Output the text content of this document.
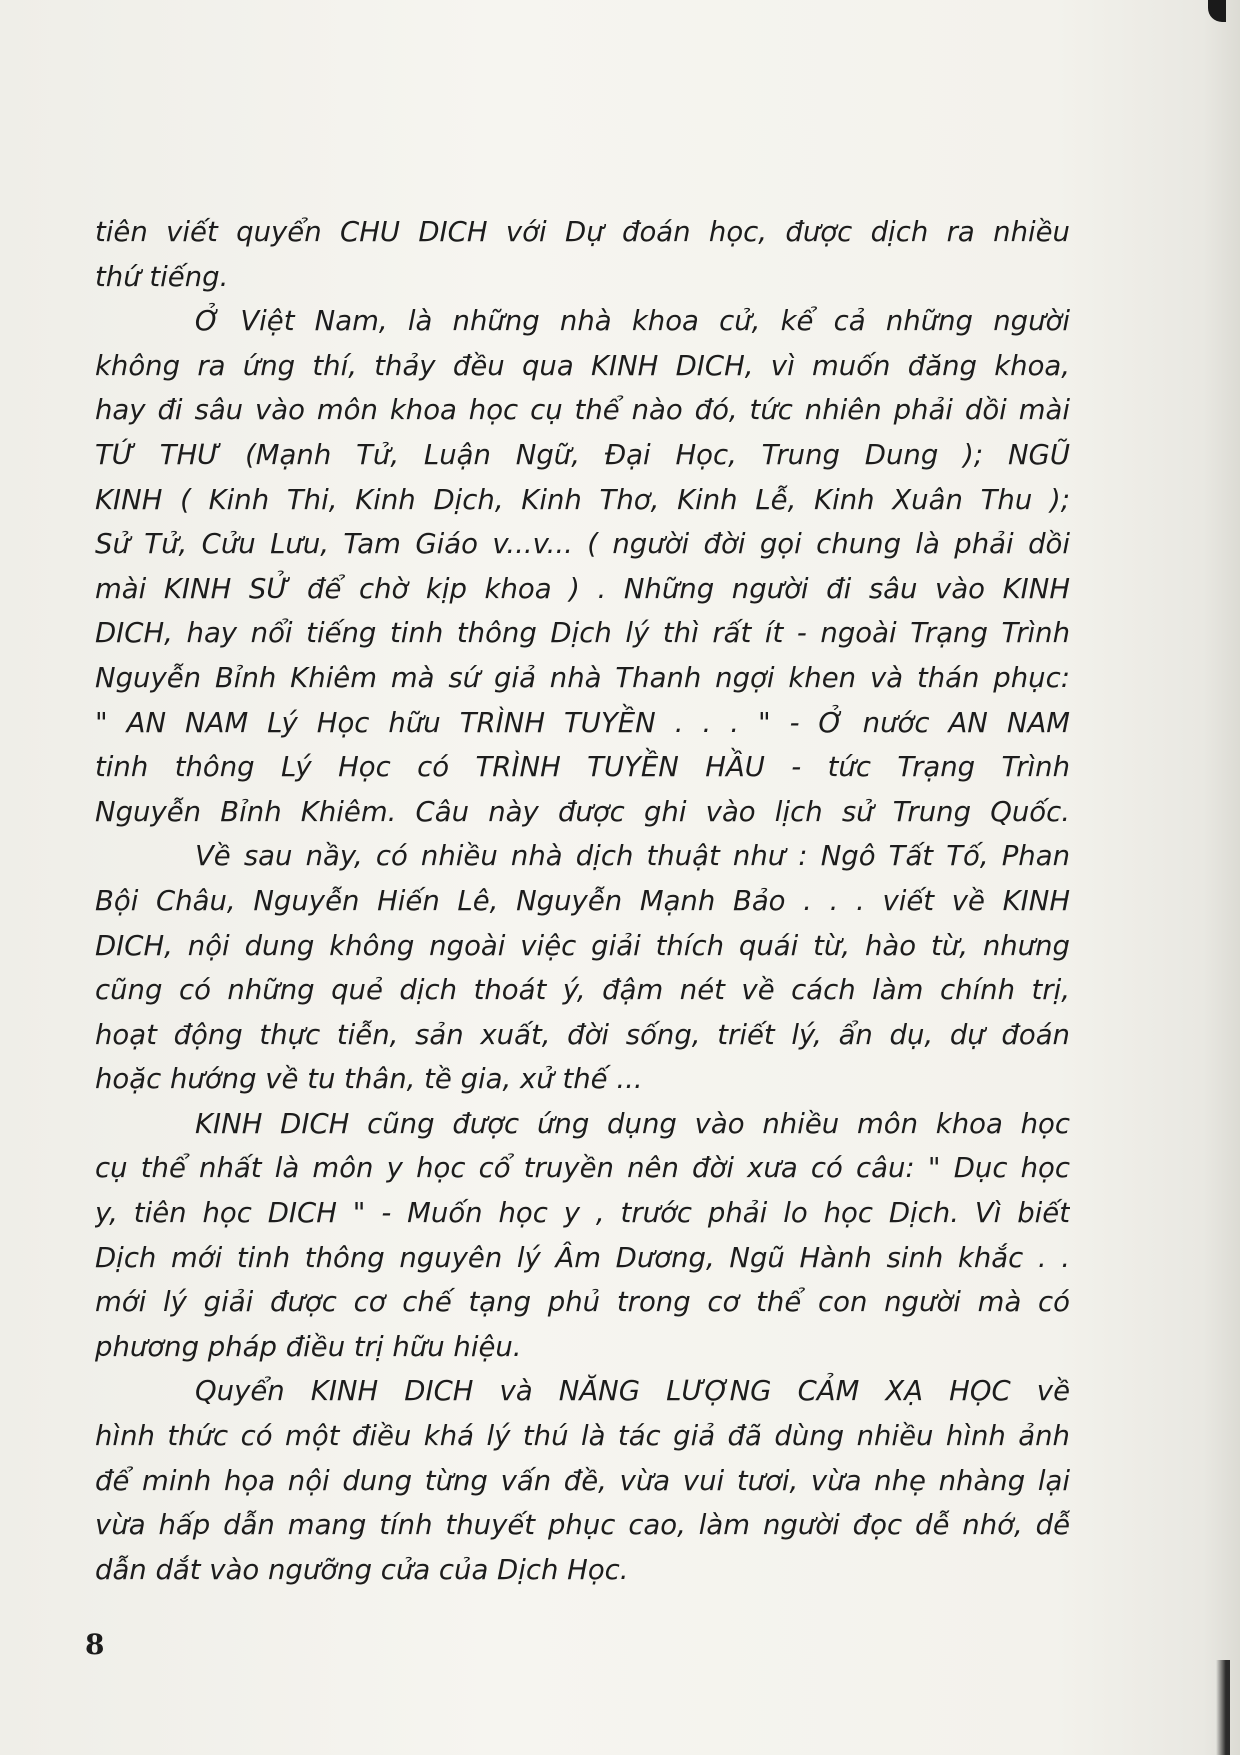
tiên viết quyển CHU DICH với Dự đoán học, được dịch ra nhiều
thứ tiếng.
Ở Việt Nam, là những nhà khoa cử, kể cả những người
không ra ứng thí, thảy đều qua KINH DICH, vì muốn đăng khoa,
hay đi sâu vào môn khoa học cụ thể nào đó, tức nhiên phải dồi mài
TỨ THƯ (Mạnh Tử, Luận Ngữ, Đại Học, Trung Dung ); NGŨ
KINH ( Kinh Thi, Kinh Dịch, Kinh Thơ, Kinh Lễ, Kinh Xuân Thu );
Sử Tử, Cửu Lưu, Tam Giáo v...v... ( người đời gọi chung là phải dồi
mài KINH SỬ để chờ kịp khoa ) . Những người đi sâu vào KINH
DICH, hay nổi tiếng tinh thông Dịch lý thì rất ít - ngoài Trạng Trình
Nguyễn Bỉnh Khiêm mà sứ giả nhà Thanh ngợi khen và thán phục:
" AN NAM Lý Học hữu TRÌNH TUYỀN . . . " - Ở nước AN NAM
tinh thông Lý Học có TRÌNH TUYỀN HẦU - tức Trạng Trình
Nguyễn Bỉnh Khiêm. Câu này được ghi vào lịch sử Trung Quốc.
Về sau nầy, có nhiều nhà dịch thuật như : Ngô Tất Tố, Phan
Bội Châu, Nguyễn Hiến Lê, Nguyễn Mạnh Bảo . . . viết về KINH
DICH, nội dung không ngoài việc giải thích quái từ, hào từ, nhưng
cũng có những quẻ dịch thoát ý, đậm nét về cách làm chính trị,
hoạt động thực tiễn, sản xuất, đời sống, triết lý, ẩn dụ, dự đoán
hoặc hướng về tu thân, tề gia, xử thế ...
KINH DICH cũng được ứng dụng vào nhiều môn khoa học
cụ thể nhất là môn y học cổ truyền nên đời xưa có câu: " Dục học
y, tiên học DICH " - Muốn học y , trước phải lo học Dịch. Vì biết
Dịch mới tinh thông nguyên lý Âm Dương, Ngũ Hành sinh khắc . .
mới lý giải được cơ chế tạng phủ trong cơ thể con người mà có
phương pháp điều trị hữu hiệu.
Quyển KINH DICH và NĂNG LƯỢNG CẢM XẠ HỌC về
hình thức có một điều khá lý thú là tác giả đã dùng nhiều hình ảnh
để minh họa nội dung từng vấn đề, vừa vui tươi, vừa nhẹ nhàng lại
vừa hấp dẫn mang tính thuyết phục cao, làm người đọc dễ nhớ, dễ
dẫn dắt vào ngưỡng cửa của Dịch Học.
8
